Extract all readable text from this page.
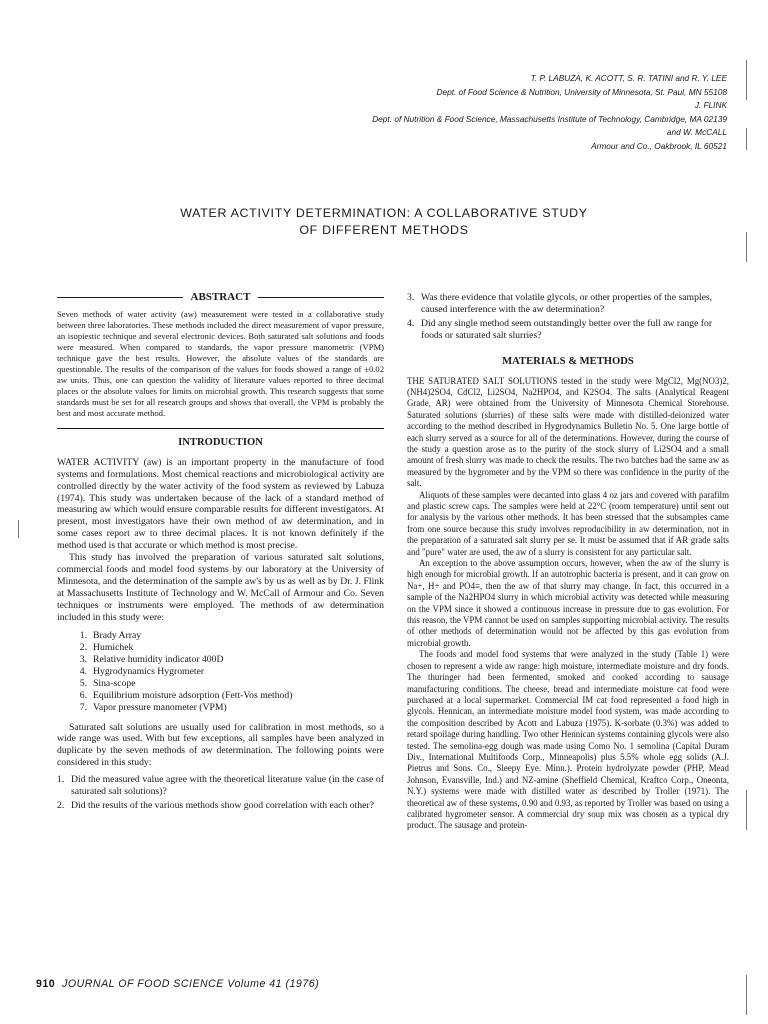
T. P. LABUZA, K. ACOTT, S. R. TATINI and R. Y. LEE
Dept. of Food Science & Nutrition, University of Minnesota, St. Paul, MN 55108
J. FLINK
Dept. of Nutrition & Food Science, Massachusetts Institute of Technology, Cambridge, MA 02139
and W. McCALL
Armour and Co., Oakbrook, IL 60521
WATER ACTIVITY DETERMINATION: A COLLABORATIVE STUDY
OF DIFFERENT METHODS
ABSTRACT
Seven methods of water activity (aw) measurement were tested in a collaborative study between three laboratories. These methods included the direct measurement of vapor pressure, an isopiestic technique and several electronic devices. Both saturated salt solutions and foods were measured. When compared to standards, the vapor pressure manometric (VPM) technique gave the best results. However, the absolute values of the standards are questionable. The results of the comparison of the values for foods showed a range of ±0.02 aw units. Thus, one can question the validity of literature values reported to three decimal places or the absolute values for limits on microbial growth. This research suggests that some standards must be set for all research groups and shows that overall, the VPM is probably the best and most accurate method.
INTRODUCTION

WATER ACTIVITY (aw) is an important property in the manufacture of food systems and formulations. Most chemical reactions and microbiological activity are controlled directly by the water activity of the food system as reviewed by Labuza (1974). This study was undertaken because of the lack of a standard method of measuring aw which would ensure comparable results for different investigators. At present, most investigators have their own method of aw determination, and in some cases report aw to three decimal places. It is not known definitely if the method used is that accurate or which method is most precise.

This study has involved the preparation of various saturated salt solutions, commercial foods and model food systems by our laboratory at the University of Minnesota, and the determination of the sample aw's by us as well as by Dr. J. Flink at Massachusetts Institute of Technology and W. McCall of Armour and Co. Seven techniques or instruments were employed. The methods of aw determination included in this study were:

1. Brady Array
2. Humichek
3. Relative humidity indicator 400D
4. Hygrodynamics Hygrometer
5. Sina-scope
6. Equilibrium moisture adsorption (Fett-Vos method)
7. Vapor pressure manometer (VPM)

Saturated salt solutions are usually used for calibration in most methods, so a wide range was used. With but few exceptions, all samples have been analyzed in duplicate by the seven methods of aw determination. The following points were considered in this study:

1. Did the measured value agree with the theoretical literature value (in the case of saturated salt solutions)?
2. Did the results of the various methods show good correlation with each other?
3. Was there evidence that volatile glycols, or other properties of the samples, caused interference with the aw determination?
4. Did any single method seem outstandingly better over the full aw range for foods or saturated salt slurries?
MATERIALS & METHODS

THE SATURATED SALT SOLUTIONS tested in the study were MgCl2, Mg(NO3)2, (NH4)2SO4, CdCl2, Li2SO4, Na2HPO4, and K2SO4. The salts (Analytical Reagent Grade, AR) were obtained from the University of Minnesota Chemical Storehouse. Saturated solutions (slurries) of these salts were made with distilled-deionized water according to the method described in Hygrodynamics Bulletin No. 5. One large bottle of each slurry served as a source for all of the determinations. However, during the course of the study a question arose as to the purity of the stock slurry of Li2SO4 and a small amount of fresh slurry was made to check the results. The two batches had the same aw as measured by the hygrometer and by the VPM so there was confidence in the purity of the salt.

Aliquots of these samples were decanted into glass 4 oz jars and covered with parafilm and plastic screw caps. The samples were held at 22°C (room temperature) until sent out for analysis by the various other methods. It has been stressed that the subsamples came from one source because this study involves reproducibility in aw determination, not in the preparation of a saturated salt slurry per se. It must be assumed that if AR grade salts and "pure" water are used, the aw of a slurry is consistent for any particular salt.

An exception to the above assumption occurs, however, when the aw of the slurry is high enough for microbial growth. If an autotrophic bacteria is present, and it can grow on Na+, H+ and PO4≡, then the aw of that slurry may change. In fact, this occurred in a sample of the Na2HPO4 slurry in which microbial activity was detected while measuring on the VPM since it showed a continuous increase in pressure due to gas evolution. For this reason, the VPM cannot be used on samples supporting microbial activity. The results of other methods of determination would not be affected by this gas evolution from microbial growth.

The foods and model food systems that were analyzed in the study (Table 1) were chosen to represent a wide aw range: high moisture, intermediate moisture and dry foods. The thuringer had been fermented, smoked and cooked according to sausage manufacturing conditions. The cheese, bread and intermediate moisture cat food were purchased at a local supermarket. Commercial IM cat food represented a food high in glycols. Hennican, an intermediate moisture model food system, was made according to the composition described by Acott and Labuza (1975). K-sorbate (0.3%) was added to retard spoilage during handling. Two other Hennican systems containing glycols were also tested. The semolina-egg dough was made using Como No. 1 semolina (Capital Duram Div., International Multifoods Corp., Minneapolis) plus 5.5% whole egg solids (A.J. Pietrus and Sons. Co., Sleepy Eye. Minn.). Protein hydrolyzate powder (PHP, Mead Johnson, Evansville, Ind.) and NZ-amine (Sheffield Chemical, Kraftco Corp., Oneonta, N.Y.) systems were made with distilled water as described by Troller (1971). The theoretical aw of these systems, 0.90 and 0.93, as reported by Troller was based on using a calibrated hygrometer sensor. A commercial dry soup mix was chosen as a typical dry product. The sausage and protein-

910 JOURNAL OF FOOD SCIENCE Volume 41 (1976)
